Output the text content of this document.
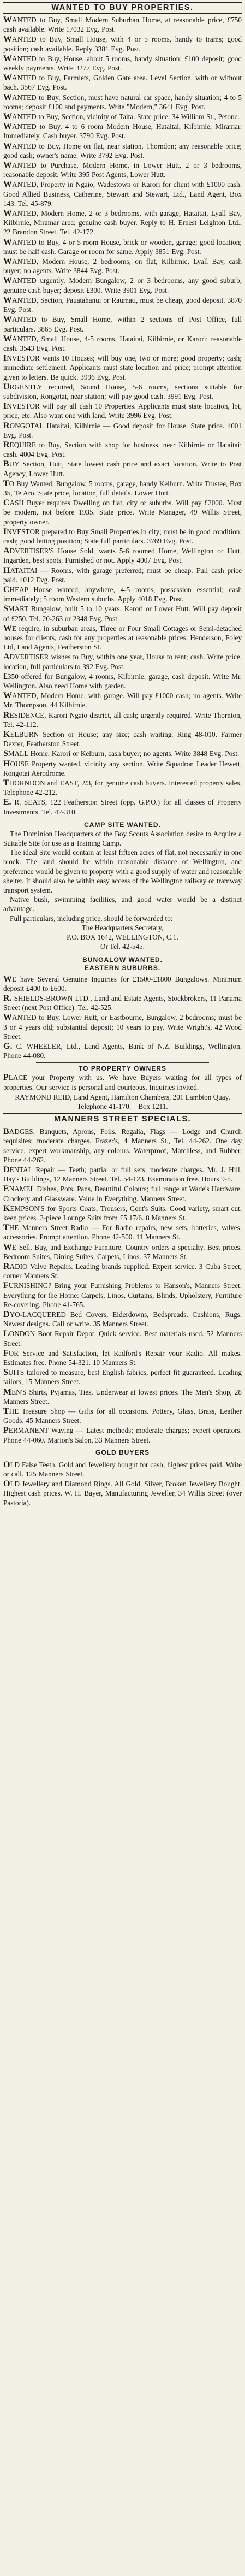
WANTED TO BUY PROPERTIES.
WANTED to Buy, Small Modern Suburban Home, at reasonable price, £750 cash available. Write 17032 Evg. Post.
WANTED to Buy, Small House, with 4 or 5 rooms, handy to trams; good position; cash available. Reply 3381 Evg. Post.
WANTED to Buy, House, about 5 rooms, handy situation; £100 deposit; good weekly payments. Write 3277 Evg. Post.
WANTED to Buy, Farmlets, Golden Gate area. Level Section, with or without bach. 3567 Evg. Post.
WANTED to Buy, Section, must have natural car space, handy situation; 4 to 5 rooms; deposit £100 and payments. Write "Modern," 3641 Evg. Post.
WANTED to Buy, Section, vicinity of Taita. State price. 34 William St., Petone.
WANTED to Buy, 4 to 6 room Modern House, Hataitai, Kilbirnie, Miramar. Immediately. Cash buyer. 3790 Evg. Post.
WANTED to Buy, Home on flat, near station, Thorndon; any reasonable price; good cash; owner's name. Write 3792 Evg. Post.
WANTED to Purchase, Modern Home, in Lower Hutt, 2 or 3 bedrooms, reasonable deposit. Write 395 Post Agents, Lower Hutt.
WANTED, Property in Ngaio, Wadestown or Karori for client with £1000 cash. Good Allied Business, Catherine, Stewart and Stewart, Ltd., Land Agent, Box 143. Tel. 45-879.
WANTED, Modern Home, 2 or 3 bedrooms, with garage, Hataitai, Lyall Bay, Kilbirnie, Miramar area; genuine cash buyer. Reply to H. Ernest Leighton Ltd., 22 Brandon Street. Tel. 42-172.
WANTED to Buy, 4 or 5 room House, brick or wooden, garage; good location; must be half cash. Garage or room for same. Apply 3851 Evg. Post.
WANTED, Modern House, 2 bedrooms, on flat, Kilbirnie, Lyall Bay, cash buyer; no agents. Write 3844 Evg. Post.
WANTED urgently, Modern Bungalow, 2 or 3 bedrooms, any good suburb, genuine cash buyer; deposit £300. Write 3901 Evg. Post.
WANTED, Section, Pauatahanui or Raumati, must be cheap, good deposit. 3870 Evg. Post.
WANTED to Buy, Small Home, within 2 sections of Post Office, full particulars. 3865 Evg. Post.
WANTED, Small House, 4-5 rooms, Hataitai, Kilbirnie, or Karori; reasonable cash. 3543 Evg. Post.
INVESTOR wants 10 Houses; will buy one, two or more; good property; cash; immediate settlement. Applicants must state location and price; prompt attention given to letters. Be quick. 3996 Evg. Post.
URGENTLY required, Sound House, 5-6 rooms, sections suitable for subdivision, Rongotai, near station; will pay good cash. 3991 Evg. Post.
INVESTOR will pay all cash 10 Properties. Applicants must state location, lot, price, etc. Also want one with land. Write 3996 Evg. Post.
RONGOTAI, Hataitai, Kilbirnie — Good deposit for House. State price. 4001 Evg. Post.
REQUIRE to Buy, Section with shop for business, near Kilbirnie or Hataitai; cash. 4004 Evg. Post.
BUY Section, Hutt, State lowest cash price and exact location. Write to Post Agency, Lower Hutt.
TO Buy Wanted, Bungalow, 5 rooms, garage, handy Kelburn. Write Trustee, Box 35, Te Aro. State price, location, full details. Lower Hutt.
CASH Buyer requires Dwelling on flat, city or suburbs. Will pay £2000. Must be modern, not before 1935. State price. Write Manager, 49 Willis Street, property owner.
INVESTOR prepared to Buy Small Properties in city; must be in good condition; cash; good letting position; State full particulars. 3769 Evg. Post.
ADVERTISER'S House Sold, wants 5-6 roomed Home, Wellington or Hutt. Ingarden, best spots. Furnished or not. Apply 4007 Evg. Post.
HATAITAI — Rooms, with garage preferred; must be cheap. Full cash price paid. 4012 Evg. Post.
CHEAP House wanted, anywhere, 4-5 rooms, possession essential; cash immediately; 5 room Western suburbs. Apply 4018 Evg. Post.
SMART Bungalow, built 5 to 10 years, Karori or Lower Hutt. Will pay deposit of £250. Tel. 20-263 or 2348 Evg. Post.
WE require, in suburban areas, Three or Four Small Cottages or Semi-detached houses for clients, cash for any properties at reasonable prices. Henderson, Foley Ltd, Land Agents, Featherston St.
ADVERTISER wishes to Buy, within one year, House to rent; cash. Write price, location, full particulars to 392 Evg. Post.
£350 offered for Bungalow, 4 rooms, Kilbirnie, garage, cash deposit. Write Mr. Wellington. Also need Home with garden.
WANTED, Modern Home, with garage. Will pay £1000 cash; no agents. Write Mr. Thompson, 44 Kilbirnie.
RESIDENCE, Karori Ngaio district, all cash; urgently required. Write Thornton, Tel. 42-112.
KELBURN Section or House; any size; cash waiting. Ring 48-010. Farmer Dexter, Featherston Street.
SMALL Home, Karori or Kelburn, cash buyer; no agents. Write 3848 Evg. Post.
HOUSE Property wanted, vicinity any section. Write Squadron Leader Hewett, Rongotai Aerodrome.
THORNDON and EAST, 2/3, for genuine cash buyers. Interested property sales. Telephone 42-212.
E. R. SEATS, 122 Featherston Street (opp. G.P.O.) for all classes of Property Investments. Tel. 42-310.
CAMP SITE WANTED.
The Dominion Headquarters of the Boy Scouts Association desire to Acquire a Suitable Site for use as a Training Camp.
The ideal Site would contain at least fifteen acres of flat, not necessarily in one block. The land should be within reasonable distance of Wellington, and preference would be given to property with a good supply of water and reasonable shelter. It should also be within easy access of the Wellington railway or tramway transport system.
Native bush, swimming facilities, and good water would be a distinct advantage.
Full particulars, including price, should be forwarded to:
The Headquarters Secretary,
P.O. BOX 1642, WELLINGTON, C.1.
Or Tel. 42-545.
BUNGALOW WANTED.
EASTERN SUBURBS.
WE have Several Genuine Inquiries for £1500-£1800 Bungalows. Minimum deposit £400 to £600.
R. SHIELDS-BROWN LTD., Land and Estate Agents, Stockbrokers, 11 Panama Street (next Post Office). Tel. 42-525.
WANTED to Buy, Lower Hutt, or Eastbourne, Bungalow, 2 bedrooms; must be 3 or 4 years old; substantial deposit; 10 years to pay. Write Wright's, 42 Wood Street.
G. C. WHEELER, Ltd., Land Agents, Bank of N.Z. Buildings, Wellington. Phone 44-080.
TO PROPERTY OWNERS
PLACE your Property with us. We have Buyers waiting for all types of properties. Our service is personal and courteous. Inquiries invited.
RAYMOND REID, Land Agent, Hamilton Chambers, 201 Lambton Quay.
Telephone 41-170. Box 1211.
MANNERS STREET SPECIALS.
BADGES, Banquets, Aprons, Foils, Regalia, Flags — Lodge and Church requisites; moderate charges. Frazer's, 4 Manners St., Tel. 44-262. One day service, expert workmanship, any colours. Waterproof, Matchless, and Rubber. Phone 44-262.
DENTAL Repair — Teeth; partial or full sets, moderate charges. Mr. J. Hill, Hay's Buildings, 12 Manners Street. Tel. 54-123. Examination free. Hours 9-5.
ENAMEL Dishes, Pots, Pans, Beautiful Colours; full range at Wade's Hardware. Crockery and Glassware. Value in Everything. Manners Street.
KEMPSON'S for Sports Coats, Trousers, Gent's Suits. Good variety, smart cut, keen prices. 3-piece Lounge Suits from £5 17/6. 8 Manners St.
THE Manners Street Radio — For Radio repairs, new sets, batteries, valves, accessories. Prompt attention. Phone 42-500. 11 Manners St.
WE Sell, Buy, and Exchange Furniture. Country orders a specialty. Best prices. Bedroom Suites, Dining Suites, Carpets, Linos. 37 Manners St.
RADIO Valve Repairs. Leading brands supplied. Expert service. 3 Cuba Street, corner Manners St.
FURNISHING? Bring your Furnishing Problems to Hanson's, Manners Street. Everything for the Home: Carpets, Linos, Curtains, Blinds, Upholstery, Furniture Re-covering. Phone 41-765.
DYO-LACQUERED Bed Covers, Eiderdowns, Bedspreads, Cushions, Rugs. Newest designs. Call or write. 35 Manners Street.
LONDON Boot Repair Depot. Quick service. Best materials used. 52 Manners Street.
FOR Service and Satisfaction, let Radford's Repair your Radio. All makes. Estimates free. Phone 54-321. 10 Manners St.
SUITS tailored to measure, best English fabrics, perfect fit guaranteed. Leading tailors, 15 Manners Street.
MEN'S Shirts, Pyjamas, Ties, Underwear at lowest prices. The Men's Shop, 28 Manners Street.
THE Treasure Shop — Gifts for all occasions. Pottery, Glass, Brass, Leather Goods. 45 Manners Street.
PERMANENT Waving — Latest methods; moderate charges; expert operators. Phone 44-060. Marion's Salon, 33 Manners Street.
GOLD BUYERS
OLD False Teeth, Gold and Jewellery bought for cash; highest prices paid. Write or call. 125 Manners Street.
OLD Jewellery and Diamond Rings. All Gold, Silver, Broken Jewellery Bought. Highest cash prices. W. H. Bayer, Manufacturing Jeweller, 34 Willis Street (over Pastoria).
